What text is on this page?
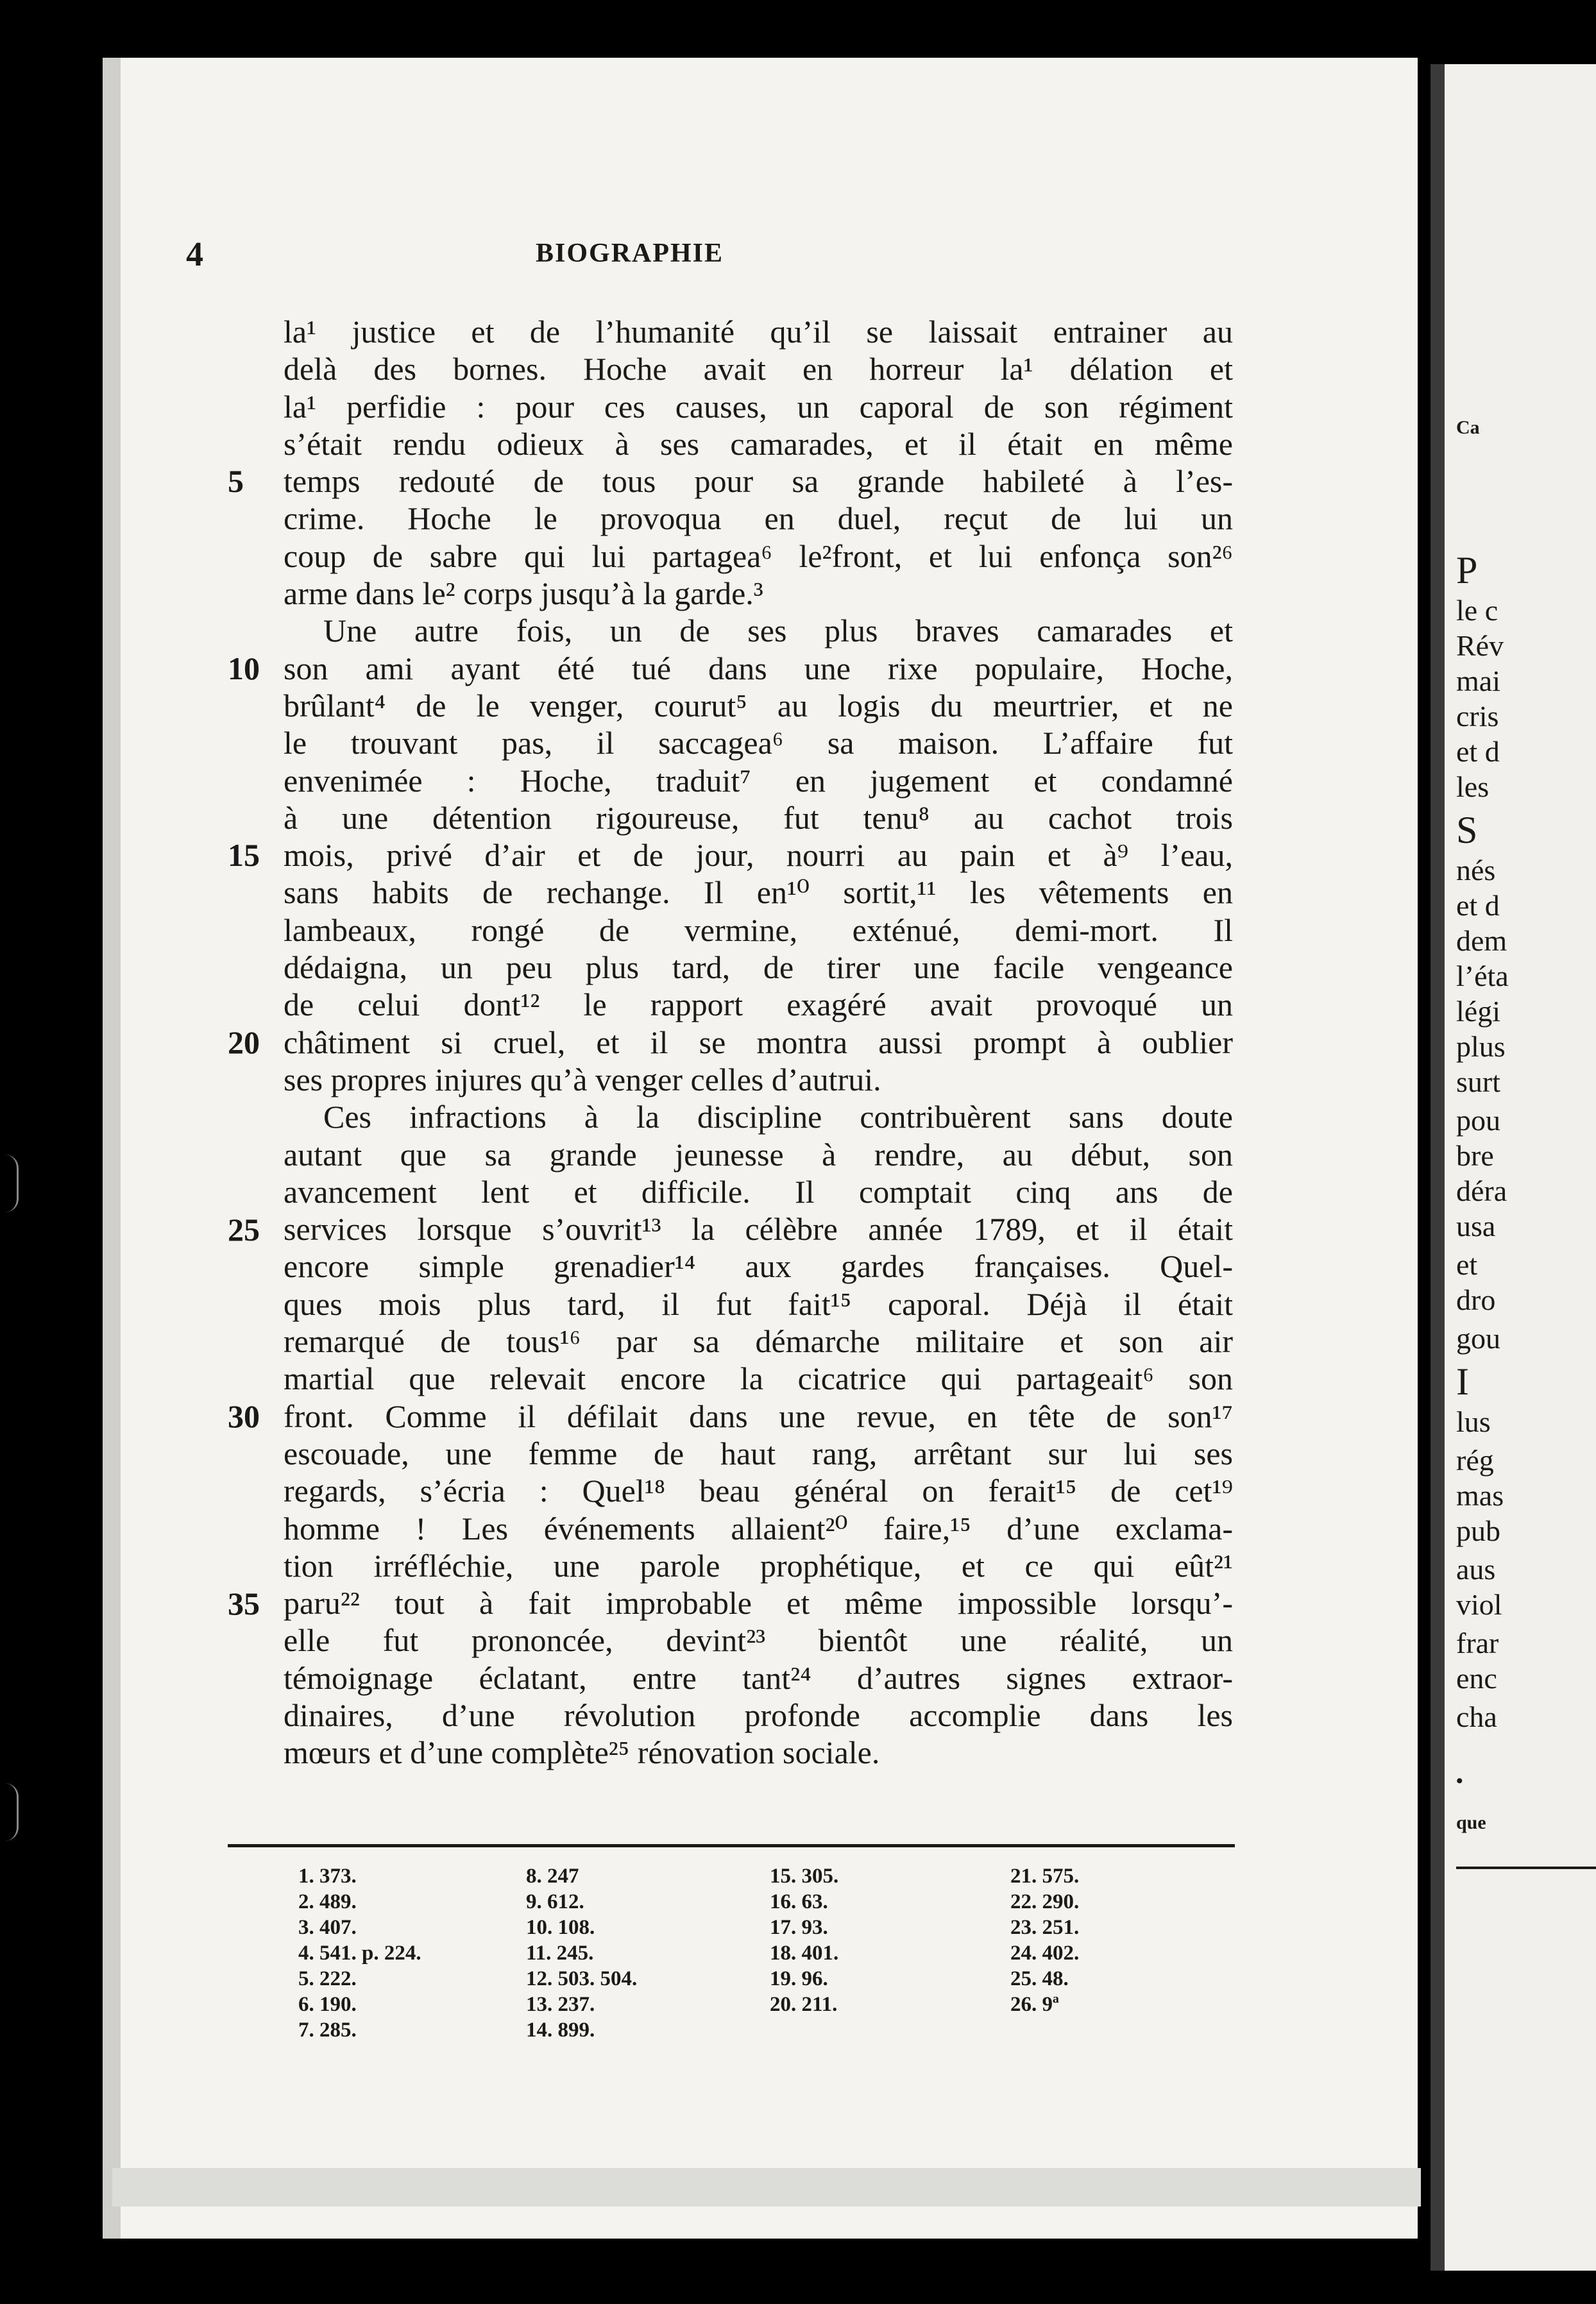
4	BIOGRAPHIE
5
10
15
20
25
30
35
la¹ justice et de l’humanité qu’il se laissait entrainer au
delà des bornes. Hoche avait en horreur la¹ délation et
la¹ perfidie : pour ces causes, un caporal de son régiment
s’était rendu odieux à ses camarades, et il était en même
temps redouté de tous pour sa grande habileté à l’es-
crime. Hoche le provoqua en duel, reçut de lui un
coup de sabre qui lui partagea⁶ le²front, et lui enfonça son²⁶
arme dans le² corps jusqu’à la garde.³
Une autre fois, un de ses plus braves camarades et
son ami ayant été tué dans une rixe populaire, Hoche,
brûlant⁴ de le venger, courut⁵ au logis du meurtrier, et ne
le trouvant pas, il saccagea⁶ sa maison. L’affaire fut
envenimée : Hoche, traduit⁷ en jugement et condamné
à une détention rigoureuse, fut tenu⁸ au cachot trois
mois, privé d’air et de jour, nourri au pain et à⁹ l’eau,
sans habits de rechange. Il en¹⁰ sortit,¹¹ les vêtements en
lambeaux, rongé de vermine, exténué, demi-mort. Il
dédaigna, un peu plus tard, de tirer une facile vengeance
de celui dont¹² le rapport exagéré avait provoqué un
châtiment si cruel, et il se montra aussi prompt à oublier
ses propres injures qu’à venger celles d’autrui.
Ces infractions à la discipline contribuèrent sans doute
autant que sa grande jeunesse à rendre, au début, son
avancement lent et difficile. Il comptait cinq ans de
services lorsque s’ouvrit¹³ la célèbre année 1789, et il était
encore simple grenadier¹⁴ aux gardes françaises. Quel-
ques mois plus tard, il fut fait¹⁵ caporal. Déjà il était
remarqué de tous¹⁶ par sa démarche militaire et son air
martial que relevait encore la cicatrice qui partageait⁶ son
front. Comme il défilait dans une revue, en tête de son¹⁷
escouade, une femme de haut rang, arrêtant sur lui ses
regards, s’écria : Quel¹⁸ beau général on ferait¹⁵ de cet¹⁹
homme ! Les événements allaient²⁰ faire,¹⁵ d’une exclama-
tion irréfléchie, une parole prophétique, et ce qui eût²¹
paru²² tout à fait improbable et même impossible lorsqu’-
elle fut prononcée, devint²³ bientôt une réalité, un
témoignage éclatant, entre tant²⁴ d’autres signes extraor-
dinaires, d’une révolution profonde accomplie dans les
mœurs et d’une complète²⁵ rénovation sociale.
1. 373.
2. 489.
3. 407.
4. 541. p. 224.
5. 222.
6. 190.
7. 285.
8. 247
9. 612.
10. 108.
11. 245.
12. 503. 504.
13. 237.
14. 899.
15. 305.
16. 63.
17. 93.
18. 401.
19. 96.
20. 211.
21. 575.
22. 290.
23. 251.
24. 402.
25. 48.
26. 9ª
Ca
P
le c
Rév
mai
cris
et d
les
S
nés
et d
dem
l’éta
légi
plus
surt
pou
bre
déra
usa
et
dro
gou
I
lus
rég
mas
pub
aus
viol
frar
enc
cha
•
que
